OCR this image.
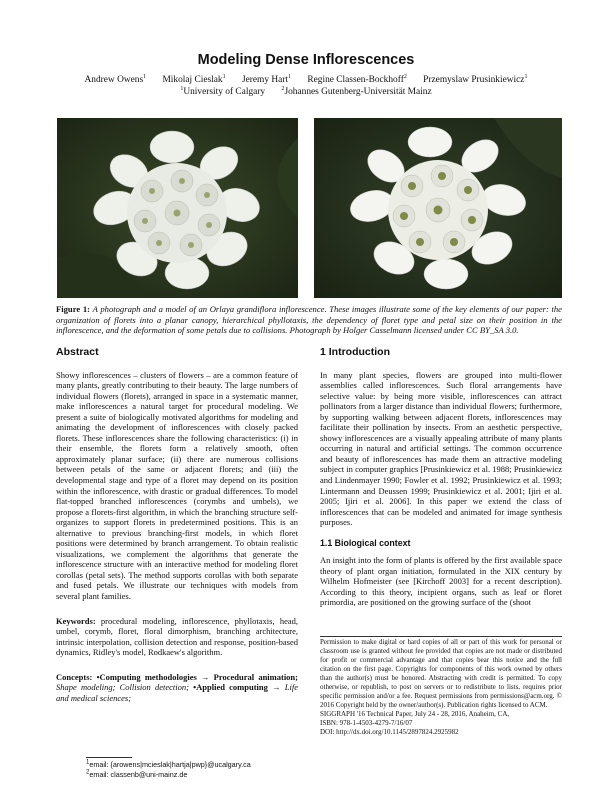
Modeling Dense Inflorescences
Andrew Owens$^1$ Mikolaj Cieslak$^1$ Jeremy Hart$^1$ Regine Classen-Bockhoff$^2$ Przemyslaw Prusinkiewicz$^1$
$^1$University of Calgary	$^2$Johannes Gutenberg-Universität Mainz
Figure 1: A photograph and a model of an Orlaya grandiflora inflorescence. These images illustrate some of the key elements of our paper: the organization of florets into a planar canopy, hierarchical phyllotaxis, the dependency of floret type and petal size on their position in the inflorescence, and the deformation of some petals due to collisions. Photograph by Holger Casselmann licensed under CC BY_SA 3.0.
Abstract

Showy inflorescences – clusters of flowers – are a common feature of many plants, greatly contributing to their beauty. The large numbers of individual flowers (florets), arranged in space in a systematic manner, make inflorescences a natural target for procedural modeling. We present a suite of biologically motivated algorithms for modeling and animating the development of inflorescences with closely packed florets. These inflorescences share the following characteristics: (i) in their ensemble, the florets form a relatively smooth, often approximately planar surface; (ii) there are numerous collisions between petals of the same or adjacent florets; and (iii) the developmental stage and type of a floret may depend on its position within the inflorescence, with drastic or gradual differences. To model flat-topped branched inflorescences (corymbs and umbels), we propose a florets-first algorithm, in which the branching structure self-organizes to support florets in predetermined positions. This is an alternative to previous branching-first models, in which floret positions were determined by branch arrangement. To obtain realistic visualizations, we complement the algorithms that generate the inflorescence structure with an interactive method for modeling floret corollas (petal sets). The method supports corollas with both separate and fused petals. We illustrate our techniques with models from several plant families.

Keywords: procedural modeling, inflorescence, phyllotaxis, head, umbel, corymb, floret, floral dimorphism, branching architecture, intrinsic interpolation, collision detection and response, position-based dynamics, Ridley's model, Rodkaew's algorithm.

Concepts: •Computing methodologies → Procedural animation; Shape modeling; Collision detection; •Applied computing → Life and medical sciences;

1 Introduction

In many plant species, flowers are grouped into multi-flower assemblies called inflorescences. Such floral arrangements have selective value: by being more visible, inflorescences can attract pollinators from a larger distance than individual flowers; furthermore, by supporting walking between adjacent florets, inflorescences may facilitate their pollination by insects. From an aesthetic perspective, showy inflorescences are a visually appealing attribute of many plants occurring in natural and artificial settings. The common occurrence and beauty of inflorescences has made them an attractive modeling subject in computer graphics [Prusinkiewicz et al. 1988; Prusinkiewicz and Lindenmayer 1990; Fowler et al. 1992; Prusinkiewicz et al. 1993; Lintermann and Deussen 1999; Prusinkiewicz et al. 2001; Ijiri et al. 2005; Ijiri et al. 2006]. In this paper we extend the class of inflorescences that can be modeled and animated for image synthesis purposes.

1.1 Biological context

An insight into the form of plants is offered by the first available space theory of plant organ initiation, formulated in the XIX century by Wilhelm Hofmeister (see [Kirchoff 2003] for a recent description). According to this theory, incipient organs, such as leaf or floret primordia, are positioned on the growing surface of the (shoot

$^1$email: {arowens|mcieslak|hartja|pwp}@ucalgary.ca
$^2$email: classenb@uni-mainz.de
Permission to make digital or hard copies of all or part of this work for personal or classroom use is granted without fee provided that copies are not made or distributed for profit or commercial advantage and that copies bear this notice and the full citation on the first page. Copyrights for components of this work owned by others than the author(s) must be honored. Abstracting with credit is permitted. To copy otherwise, or republish, to post on servers or to redistribute to lists, requires prior specific permission and/or a fee. Request permissions from permissions@acm.org. © 2016 Copyright held by the owner/author(s). Publication rights licensed to ACM.
SIGGRAPH '16 Technical Paper, July 24 - 28, 2016, Anaheim, CA,
ISBN: 978-1-4503-4279-7/16/07
DOI: http://dx.doi.org/10.1145/2897824.2925982
